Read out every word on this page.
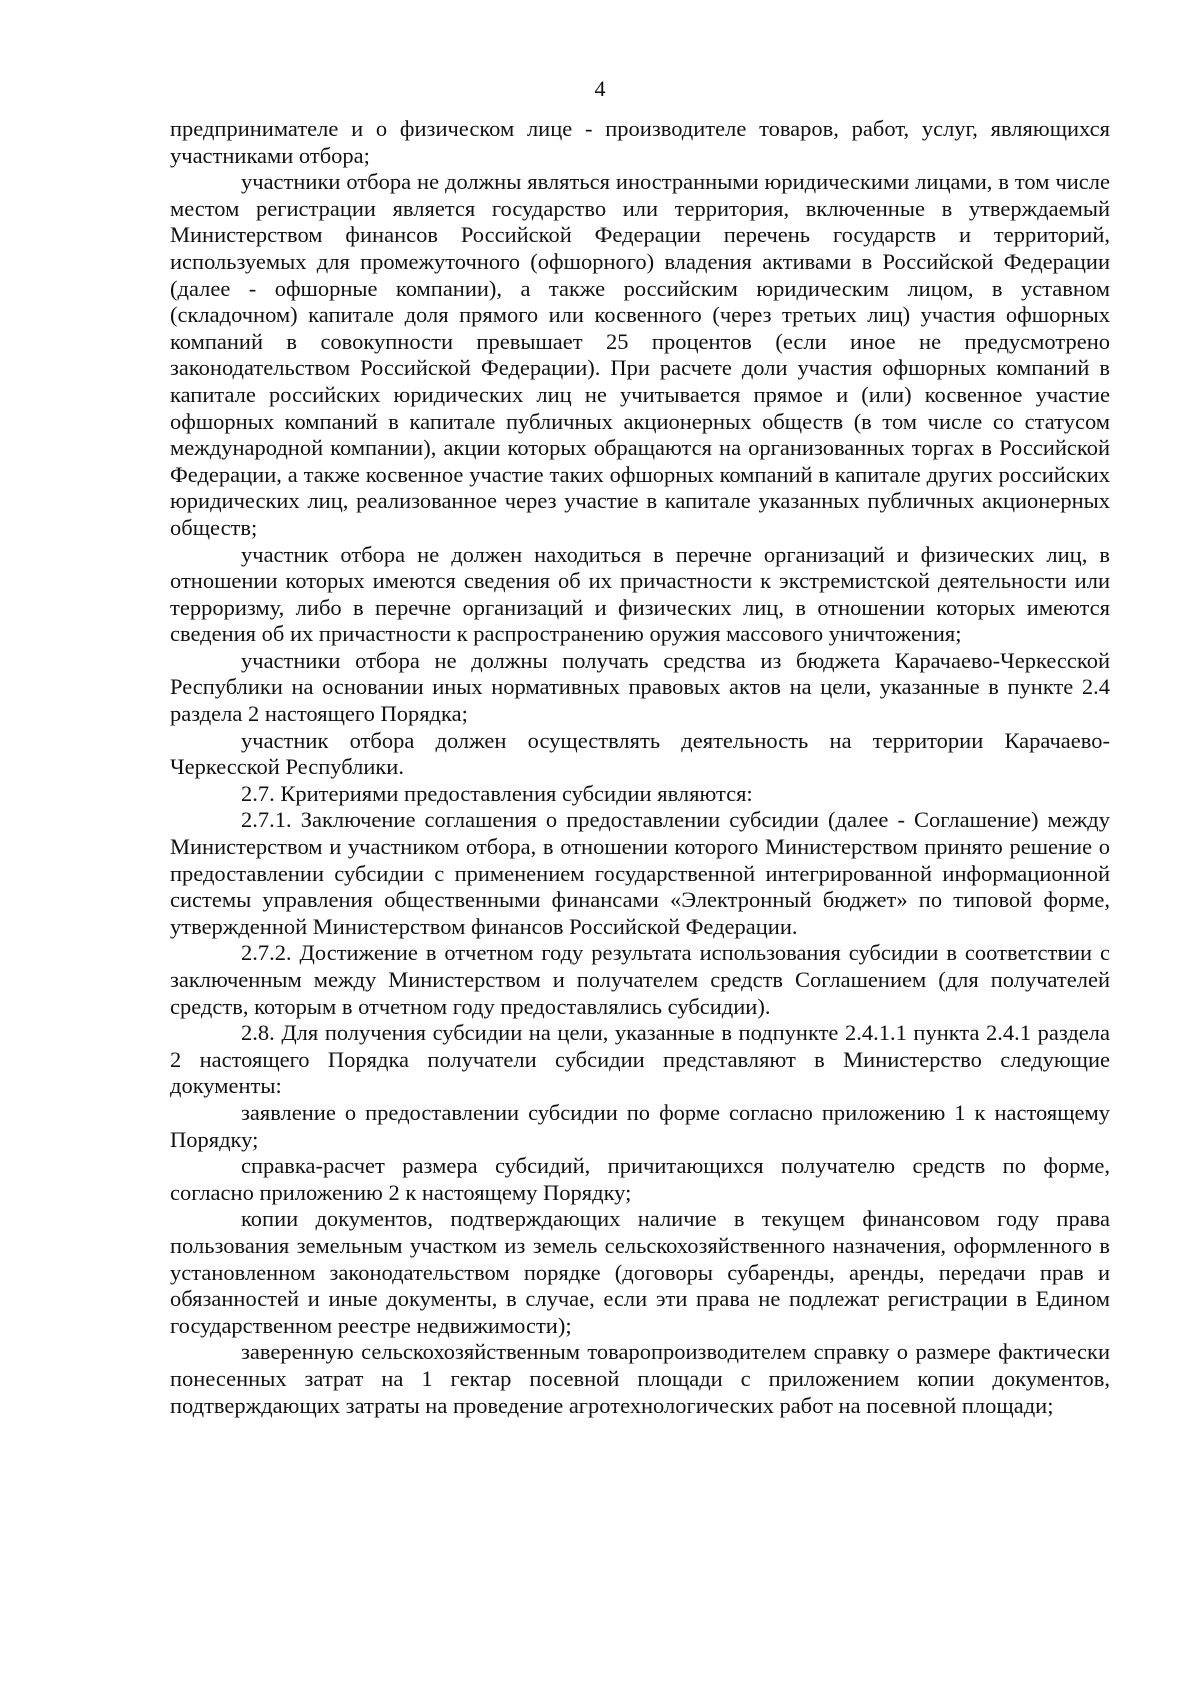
4

предпринимателе и о физическом лице - производителе товаров, работ, услуг, являющихся участниками отбора;

участники отбора не должны являться иностранными юридическими лицами, в том числе местом регистрации является государство или территория, включенные в утверждаемый Министерством финансов Российской Федерации перечень государств и территорий, используемых для промежуточного (офшорного) владения активами в Российской Федерации (далее - офшорные компании), а также российским юридическим лицом, в уставном (складочном) капитале доля прямого или косвенного (через третьих лиц) участия офшорных компаний в совокупности превышает 25 процентов (если иное не предусмотрено законодательством Российской Федерации). При расчете доли участия офшорных компаний в капитале российских юридических лиц не учитывается прямое и (или) косвенное участие офшорных компаний в капитале публичных акционерных обществ (в том числе со статусом международной компании), акции которых обращаются на организованных торгах в Российской Федерации, а также косвенное участие таких офшорных компаний в капитале других российских юридических лиц, реализованное через участие в капитале указанных публичных акционерных обществ;

участник отбора не должен находиться в перечне организаций и физических лиц, в отношении которых имеются сведения об их причастности к экстремистской деятельности или терроризму, либо в перечне организаций и физических лиц, в отношении которых имеются сведения об их причастности к распространению оружия массового уничтожения;

участники отбора не должны получать средства из бюджета Карачаево-Черкесской Республики на основании иных нормативных правовых актов на цели, указанные в пункте 2.4 раздела 2 настоящего Порядка;

участник отбора должен осуществлять деятельность на территории Карачаево-Черкесской Республики.

2.7. Критериями предоставления субсидии являются:

2.7.1. Заключение соглашения о предоставлении субсидии (далее - Соглашение) между Министерством и участником отбора, в отношении которого Министерством принято решение о предоставлении субсидии с применением государственной интегрированной информационной системы управления общественными финансами «Электронный бюджет» по типовой форме, утвержденной Министерством финансов Российской Федерации.

2.7.2. Достижение в отчетном году результата использования субсидии в соответствии с заключенным между Министерством и получателем средств Соглашением (для получателей средств, которым в отчетном году предоставлялись субсидии).

2.8. Для получения субсидии на цели, указанные в подпункте 2.4.1.1 пункта 2.4.1 раздела 2 настоящего Порядка получатели субсидии представляют в Министерство следующие документы:

заявление о предоставлении субсидии по форме согласно приложению 1 к настоящему Порядку;

справка-расчет размера субсидий, причитающихся получателю средств по форме, согласно приложению 2 к настоящему Порядку;

копии документов, подтверждающих наличие в текущем финансовом году права пользования земельным участком из земель сельскохозяйственного назначения, оформленного в установленном законодательством порядке (договоры субаренды, аренды, передачи прав и обязанностей и иные документы, в случае, если эти права не подлежат регистрации в Едином государственном реестре недвижимости);

заверенную сельскохозяйственным товаропроизводителем справку о размере фактически понесенных затрат на 1 гектар посевной площади с приложением копии документов, подтверждающих затраты на проведение агротехнологических работ на посевной площади;
